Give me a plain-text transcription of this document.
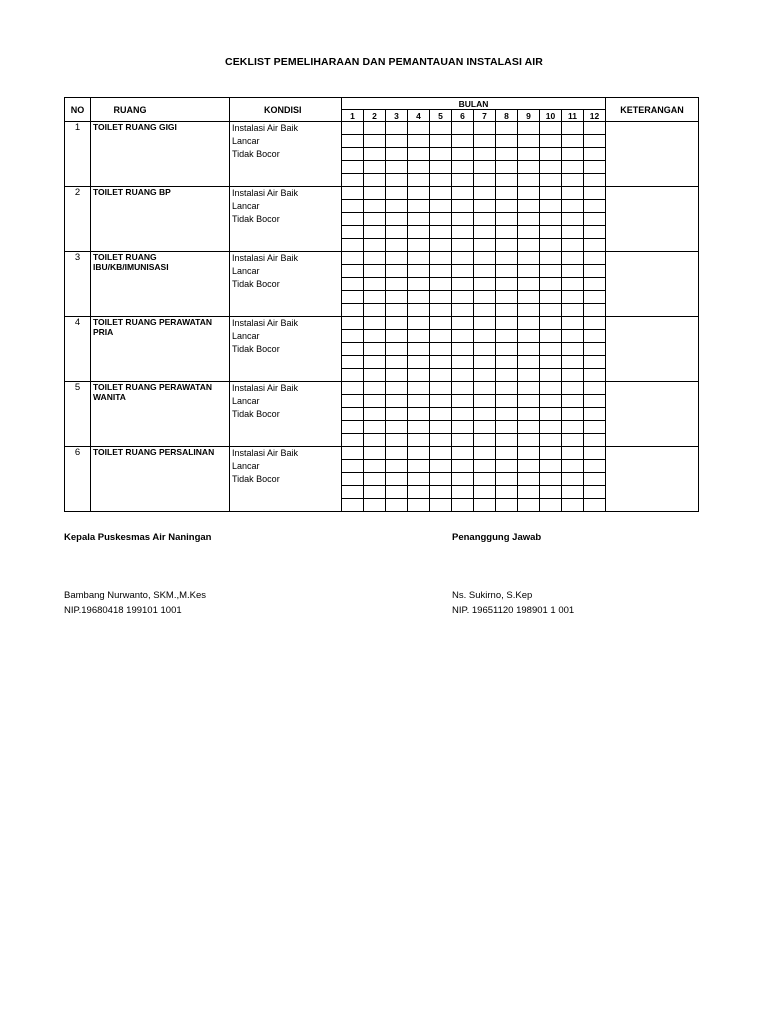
CEKLIST PEMELIHARAAN DAN PEMANTAUAN INSTALASI AIR
NO	RUANG	KONDISI	BULAN												KETERANGAN
			1	2	3	4	5	6	7	8	9	10	11	12	
1	TOILET RUANG GIGI	Instalasi Air Baik
Lancar
Tidak Bocor													

2	TOILET RUANG BP	Instalasi Air Baik
Lancar
Tidak Bocor													

3	TOILET RUANG IBU/KB/IMUNISASI	Instalasi Air Baik
Lancar
Tidak Bocor													

4	TOILET RUANG PERAWATAN PRIA	Instalasi Air Baik
Lancar
Tidak Bocor													

5	TOILET RUANG PERAWATAN WANITA	Instalasi Air Baik
Lancar
Tidak Bocor													

6	TOILET RUANG PERSALINAN	Instalasi Air Baik
Lancar
Tidak Bocor													

Kepala Puskesmas Air Naningan
Bambang Nurwanto, SKM.,M.Kes
NIP.19680418 199101 1001
Penanggung Jawab
Ns. Sukirno, S.Kep
NIP. 19651120 198901 1 001
